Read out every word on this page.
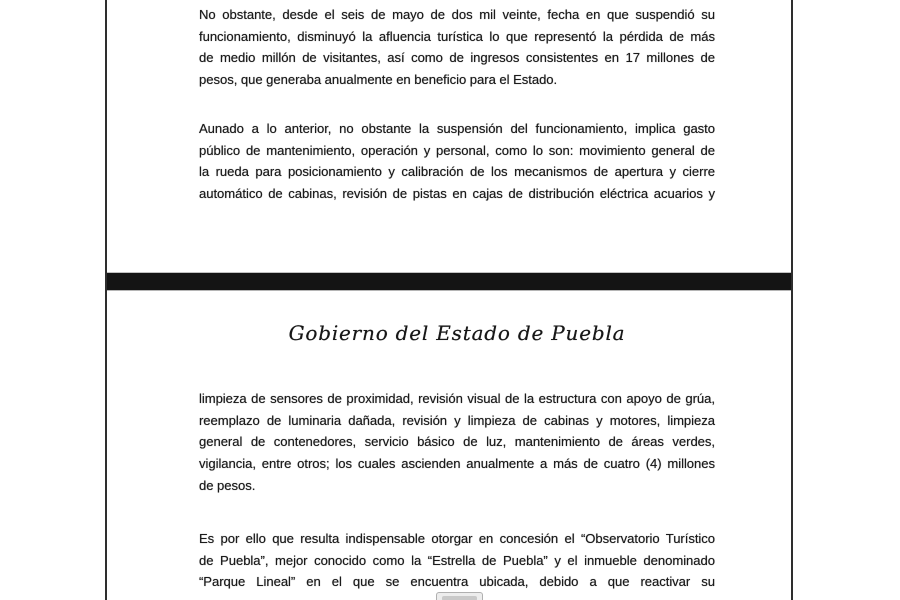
No obstante, desde el seis de mayo de dos mil veinte, fecha en que suspendió su
funcionamiento, disminuyó la afluencia turística lo que representó la pérdida de más
de medio millón de visitantes, así como de ingresos consistentes en 17 millones de
pesos, que generaba anualmente en beneficio para el Estado.

Aunado a lo anterior, no obstante la suspensión del funcionamiento, implica gasto
público de mantenimiento, operación y personal, como lo son: movimiento general de
la rueda para posicionamiento y calibración de los mecanismos de apertura y cierre
automático de cabinas, revisión de pistas en cajas de distribución eléctrica acuarios y

Gobierno del Estado de Puebla

limpieza de sensores de proximidad, revisión visual de la estructura con apoyo de grúa,
reemplazo de luminaria dañada, revisión y limpieza de cabinas y motores, limpieza
general de contenedores, servicio básico de luz, mantenimiento de áreas verdes,
vigilancia, entre otros; los cuales ascienden anualmente a más de cuatro (4) millones
de pesos.

Es por ello que resulta indispensable otorgar en concesión el “Observatorio Turístico
de Puebla”, mejor conocido como la “Estrella de Puebla” y el inmueble denominado
“Parque Lineal” en el que se encuentra ubicada, debido a que reactivar su
